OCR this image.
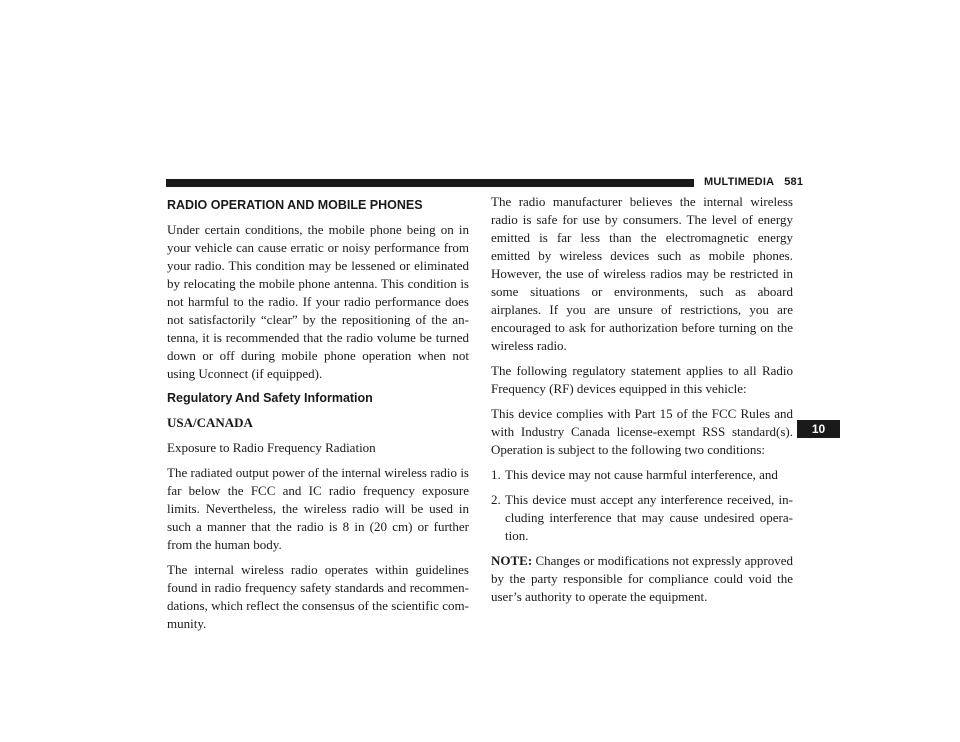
MULTIMEDIA 581
10
RADIO OPERATION AND MOBILE PHONES

Under certain conditions, the mobile phone being on in your vehicle can cause erratic or noisy performance from your radio. This condition may be lessened or eliminated by relocating the mobile phone antenna. This condition is not harmful to the radio. If your radio performance does not satisfactorily “clear” by the repositioning of the antenna, it is recommended that the radio volume be turned down or off during mobile phone operation when not using Uconnect (if equipped).

Regulatory And Safety Information

USA/CANADA

Exposure to Radio Frequency Radiation

The radiated output power of the internal wireless radio is far below the FCC and IC radio frequency exposure limits. Nevertheless, the wireless radio will be used in such a manner that the radio is 8 in (20 cm) or further from the human body.

The internal wireless radio operates within guidelines found in radio frequency safety standards and recommendations, which reflect the consensus of the scientific community.

The radio manufacturer believes the internal wireless radio is safe for use by consumers. The level of energy emitted is far less than the electromagnetic energy emitted by wireless devices such as mobile phones. However, the use of wireless radios may be restricted in some situations or environments, such as aboard airplanes. If you are unsure of restrictions, you are encouraged to ask for authorization before turning on the wireless radio.

The following regulatory statement applies to all Radio Frequency (RF) devices equipped in this vehicle:

This device complies with Part 15 of the FCC Rules and with Industry Canada license-exempt RSS standard(s). Operation is subject to the following two conditions:

1. This device may not cause harmful interference, and
2. This device must accept any interference received, including interference that may cause undesired operation.

NOTE: Changes or modifications not expressly approved by the party responsible for compliance could void the user’s authority to operate the equipment.
